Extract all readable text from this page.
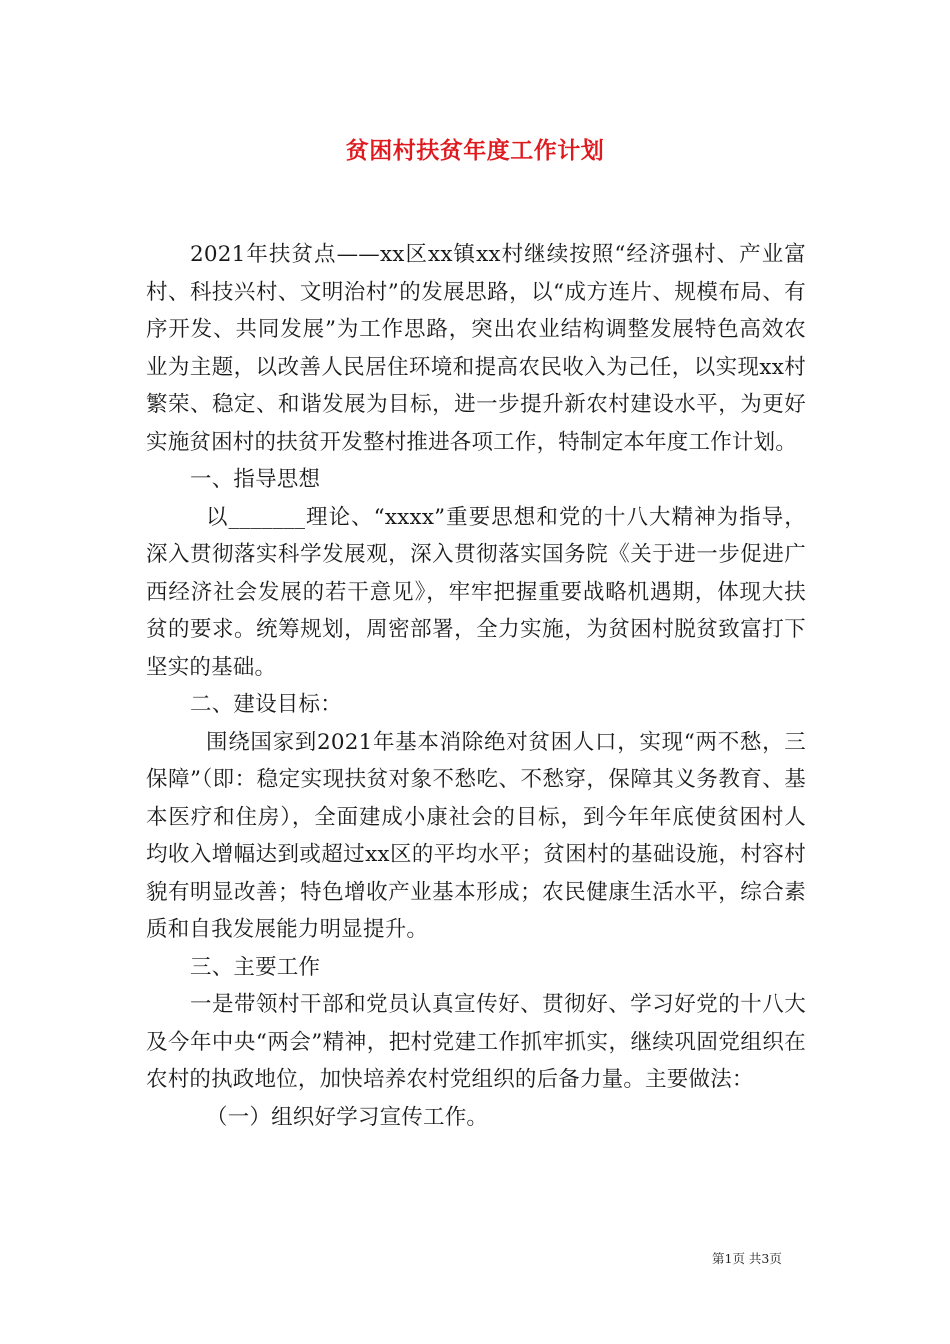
贫困村扶贫年度工作计划

2021年扶贫点——xx区xx镇xx村继续按照“经济强村、产业富村、科技兴村、文明治村”的发展思路，以“成方连片、规模布局、有序开发、共同发展”为工作思路，突出农业结构调整发展特色高效农业为主题，以改善人民居住环境和提高农民收入为己任，以实现xx村繁荣、稳定、和谐发展为目标，进一步提升新农村建设水平，为更好实施贫困村的扶贫开发整村推进各项工作，特制定本年度工作计划。

一、指导思想

以_______理论、“xxxx”重要思想和党的十八大精神为指导，深入贯彻落实科学发展观，深入贯彻落实国务院《关于进一步促进广西经济社会发展的若干意见》，牢牢把握重要战略机遇期，体现大扶贫的要求。统筹规划，周密部署，全力实施，为贫困村脱贫致富打下坚实的基础。

二、建设目标：

围绕国家到2021年基本消除绝对贫困人口，实现“两不愁，三保障”（即：稳定实现扶贫对象不愁吃、不愁穿，保障其义务教育、基本医疗和住房），全面建成小康社会的目标，到今年年底使贫困村人均收入增幅达到或超过xx区的平均水平；贫困村的基础设施，村容村貌有明显改善；特色增收产业基本形成；农民健康生活水平，综合素质和自我发展能力明显提升。

三、主要工作

一是带领村干部和党员认真宣传好、贯彻好、学习好党的十八大及今年中央“两会”精神，把村党建工作抓牢抓实，继续巩固党组织在农村的执政地位，加快培养农村党组织的后备力量。主要做法：

（一）组织好学习宣传工作。

第1页 共3页
